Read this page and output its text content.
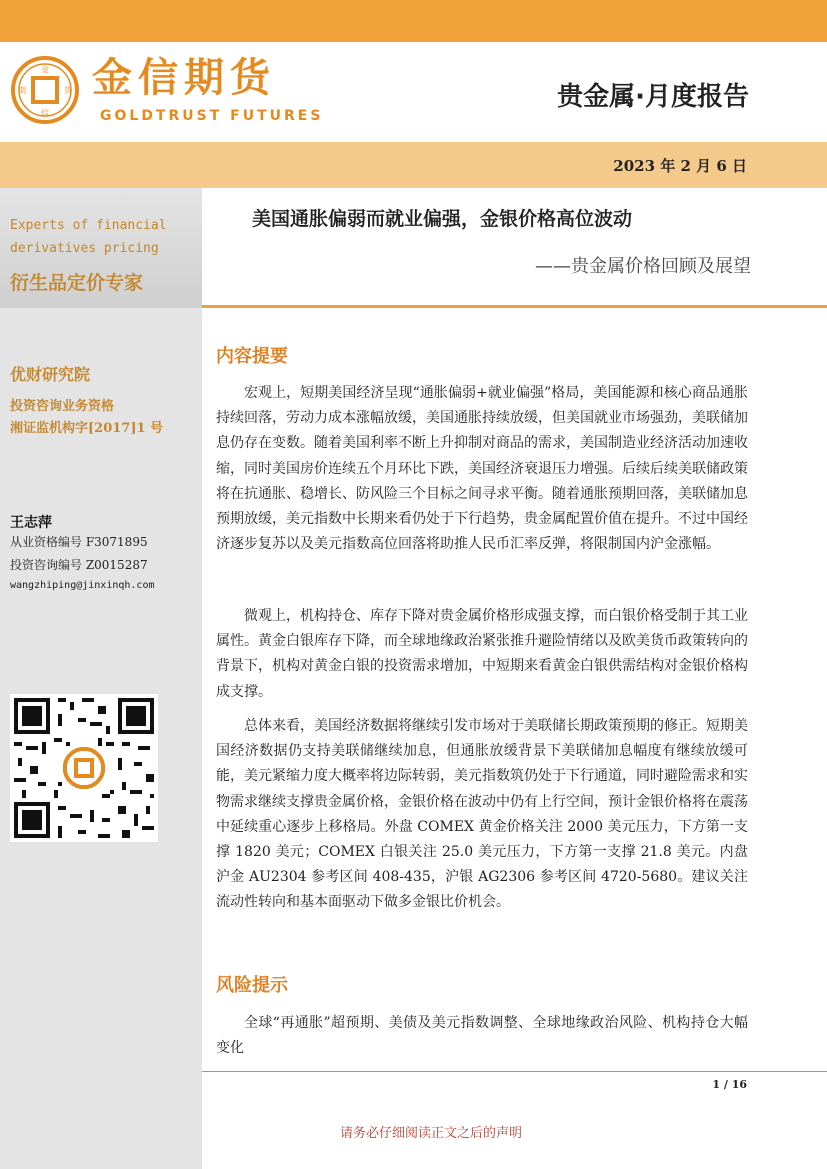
金
信
期	货 金信期货
GOLDTRUST FUTURES
贵金属·月度报告
2023 年 2 月 6 日
Experts of financial derivatives pricing
衍生品定价专家
优财研究院
投资咨询业务资格
湘证监机构字[2017]1 号
王志萍
从业资格编号 F3071895
投资咨询编号 Z0015287
wangzhiping@jinxinqh.com
美国通胀偏弱而就业偏强，金银价格高位波动
——贵金属价格回顾及展望
内容提要

宏观上，短期美国经济呈现“通胀偏弱+就业偏强”格局，美国能源和核心商品通胀持续回落，劳动力成本涨幅放缓，美国通胀持续放缓，但美国就业市场强劲，美联储加息仍存在变数。随着美国利率不断上升抑制对商品的需求，美国制造业经济活动加速收缩，同时美国房价连续五个月环比下跌，美国经济衰退压力增强。后续后续美联储政策将在抗通胀、稳增长、防风险三个目标之间寻求平衡。随着通胀预期回落，美联储加息预期放缓，美元指数中长期来看仍处于下行趋势，贵金属配置价值在提升。不过中国经济逐步复苏以及美元指数高位回落将助推人民币汇率反弹，将限制国内沪金涨幅。

微观上，机构持仓、库存下降对贵金属价格形成强支撑，而白银价格受制于其工业属性。黄金白银库存下降，而全球地缘政治紧张推升避险情绪以及欧美货币政策转向的背景下，机构对黄金白银的投资需求增加，中短期来看黄金白银供需结构对金银价格构成支撑。

总体来看，美国经济数据将继续引发市场对于美联储长期政策预期的修正。短期美国经济数据仍支持美联储继续加息，但通胀放缓背景下美联储加息幅度有继续放缓可能，美元紧缩力度大概率将边际转弱，美元指数筑仍处于下行通道，同时避险需求和实物需求继续支撑贵金属价格，金银价格在波动中仍有上行空间，预计金银价格将在震荡中延续重心逐步上移格局。外盘 COMEX 黄金价格关注 2000 美元压力，下方第一支撑 1820 美元；COMEX 白银关注 25.0 美元压力，下方第一支撑 21.8 美元。内盘沪金 AU2304 参考区间 408-435，沪银 AG2306 参考区间 4720-5680。建议关注流动性转向和基本面驱动下做多金银比价机会。

风险提示

全球“再通胀”超预期、美债及美元指数调整、全球地缘政治风险、机构持仓大幅变化

1 / 16
请务必仔细阅读正文之后的声明
